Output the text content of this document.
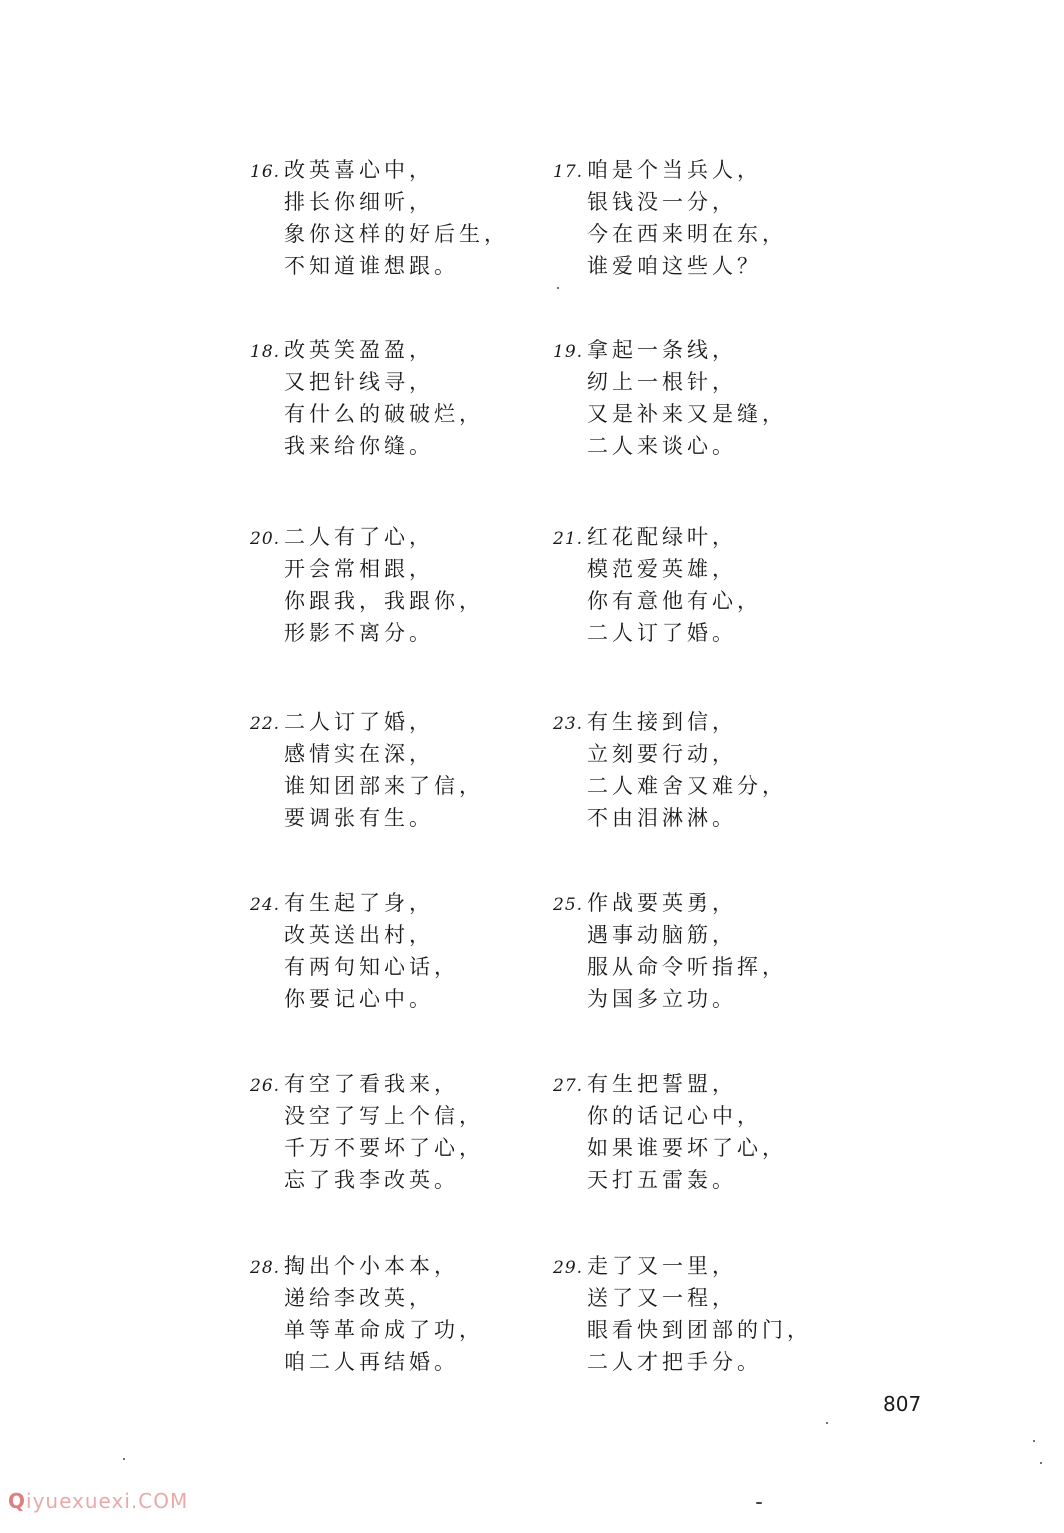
16. 改英喜心中，
排长你细听，
象你这样的好后生，
不知道谁想跟。
18. 改英笑盈盈，
又把针线寻，
有什么的破破烂，
我来给你缝。
20. 二人有了心，
开会常相跟，
你跟我，我跟你，
形影不离分。
22. 二人订了婚，
感情实在深，
谁知团部来了信，
要调张有生。
24. 有生起了身，
改英送出村，
有两句知心话，
你要记心中。
26. 有空了看我来，
没空了写上个信，
千万不要坏了心，
忘了我李改英。
28. 掏出个小本本，
递给李改英，
单等革命成了功，
咱二人再结婚。
17. 咱是个当兵人，
银钱没一分，
今在西来明在东，
谁爱咱这些人？
19. 拿起一条线，
纫上一根针，
又是补来又是缝，
二人来谈心。
21. 红花配绿叶，
模范爱英雄，
你有意他有心，
二人订了婚。
23. 有生接到信，
立刻要行动，
二人难舍又难分，
不由泪淋淋。
25. 作战要英勇，
遇事动脑筋，
服从命令听指挥，
为国多立功。
27. 有生把誓盟，
你的话记心中，
如果谁要坏了心，
天打五雷轰。
29. 走了又一里，
送了又一程，
眼看快到团部的门，
二人才把手分。
807
Qiyuexuexi.COM
